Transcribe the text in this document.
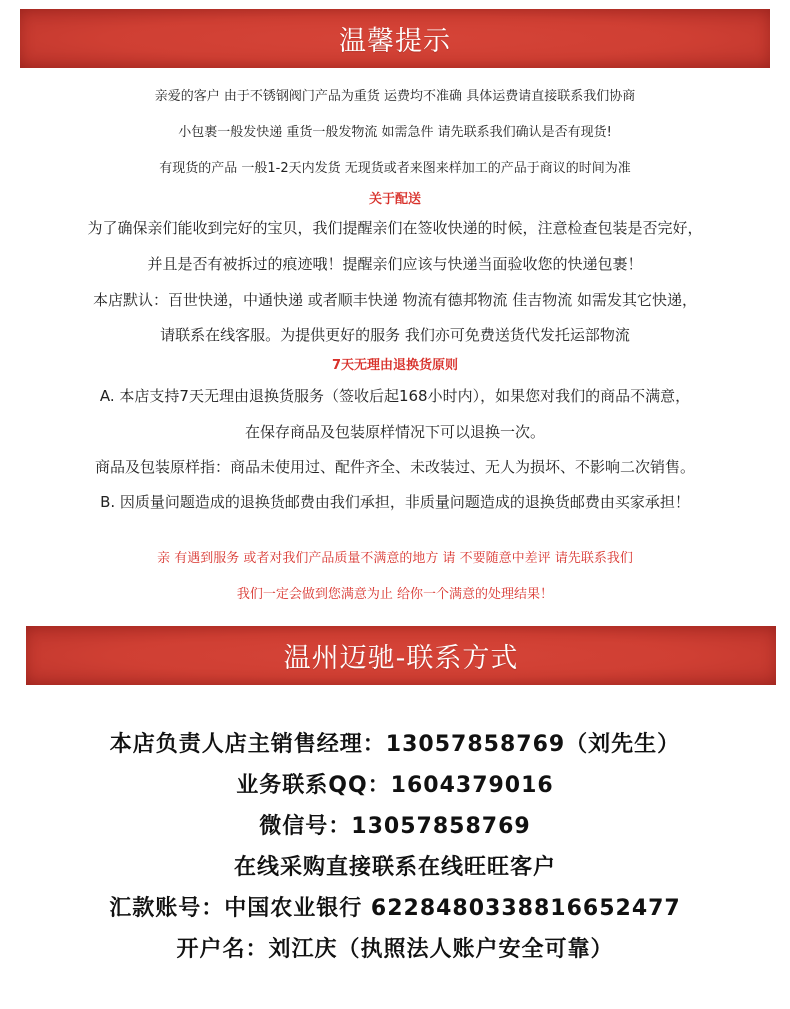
温馨提示
亲爱的客户 由于不锈钢阀门产品为重货 运费均不准确 具体运费请直接联系我们协商
小包裹一般发快递 重货一般发物流 如需急件 请先联系我们确认是否有现货!
有现货的产品 一般1-2天内发货 无现货或者来图来样加工的产品于商议的时间为准
关于配送
为了确保亲们能收到完好的宝贝，我们提醒亲们在签收快递的时候，注意检查包装是否完好，
并且是否有被拆过的痕迹哦！提醒亲们应该与快递当面验收您的快递包裹！
本店默认：百世快递，中通快递 或者顺丰快递 物流有德邦物流 佳吉物流 如需发其它快递，
请联系在线客服。为提供更好的服务 我们亦可免费送货代发托运部物流
7天无理由退换货原则
A. 本店支持7天无理由退换货服务（签收后起168小时内），如果您对我们的商品不满意，
在保存商品及包装原样情况下可以退换一次。
商品及包装原样指：商品未使用过、配件齐全、未改装过、无人为损坏、不影响二次销售。
B. 因质量问题造成的退换货邮费由我们承担，非质量问题造成的退换货邮费由买家承担！
亲 有遇到服务 或者对我们产品质量不满意的地方 请 不要随意中差评 请先联系我们
我们一定会做到您满意为止 给你一个满意的处理结果！
温州迈驰-联系方式
本店负责人店主销售经理：13057858769（刘先生）
业务联系QQ：1604379016
微信号：13057858769
在线采购直接联系在线旺旺客户
汇款账号：中国农业银行 6228480338816652477
开户名：刘江庆（执照法人账户安全可靠）
